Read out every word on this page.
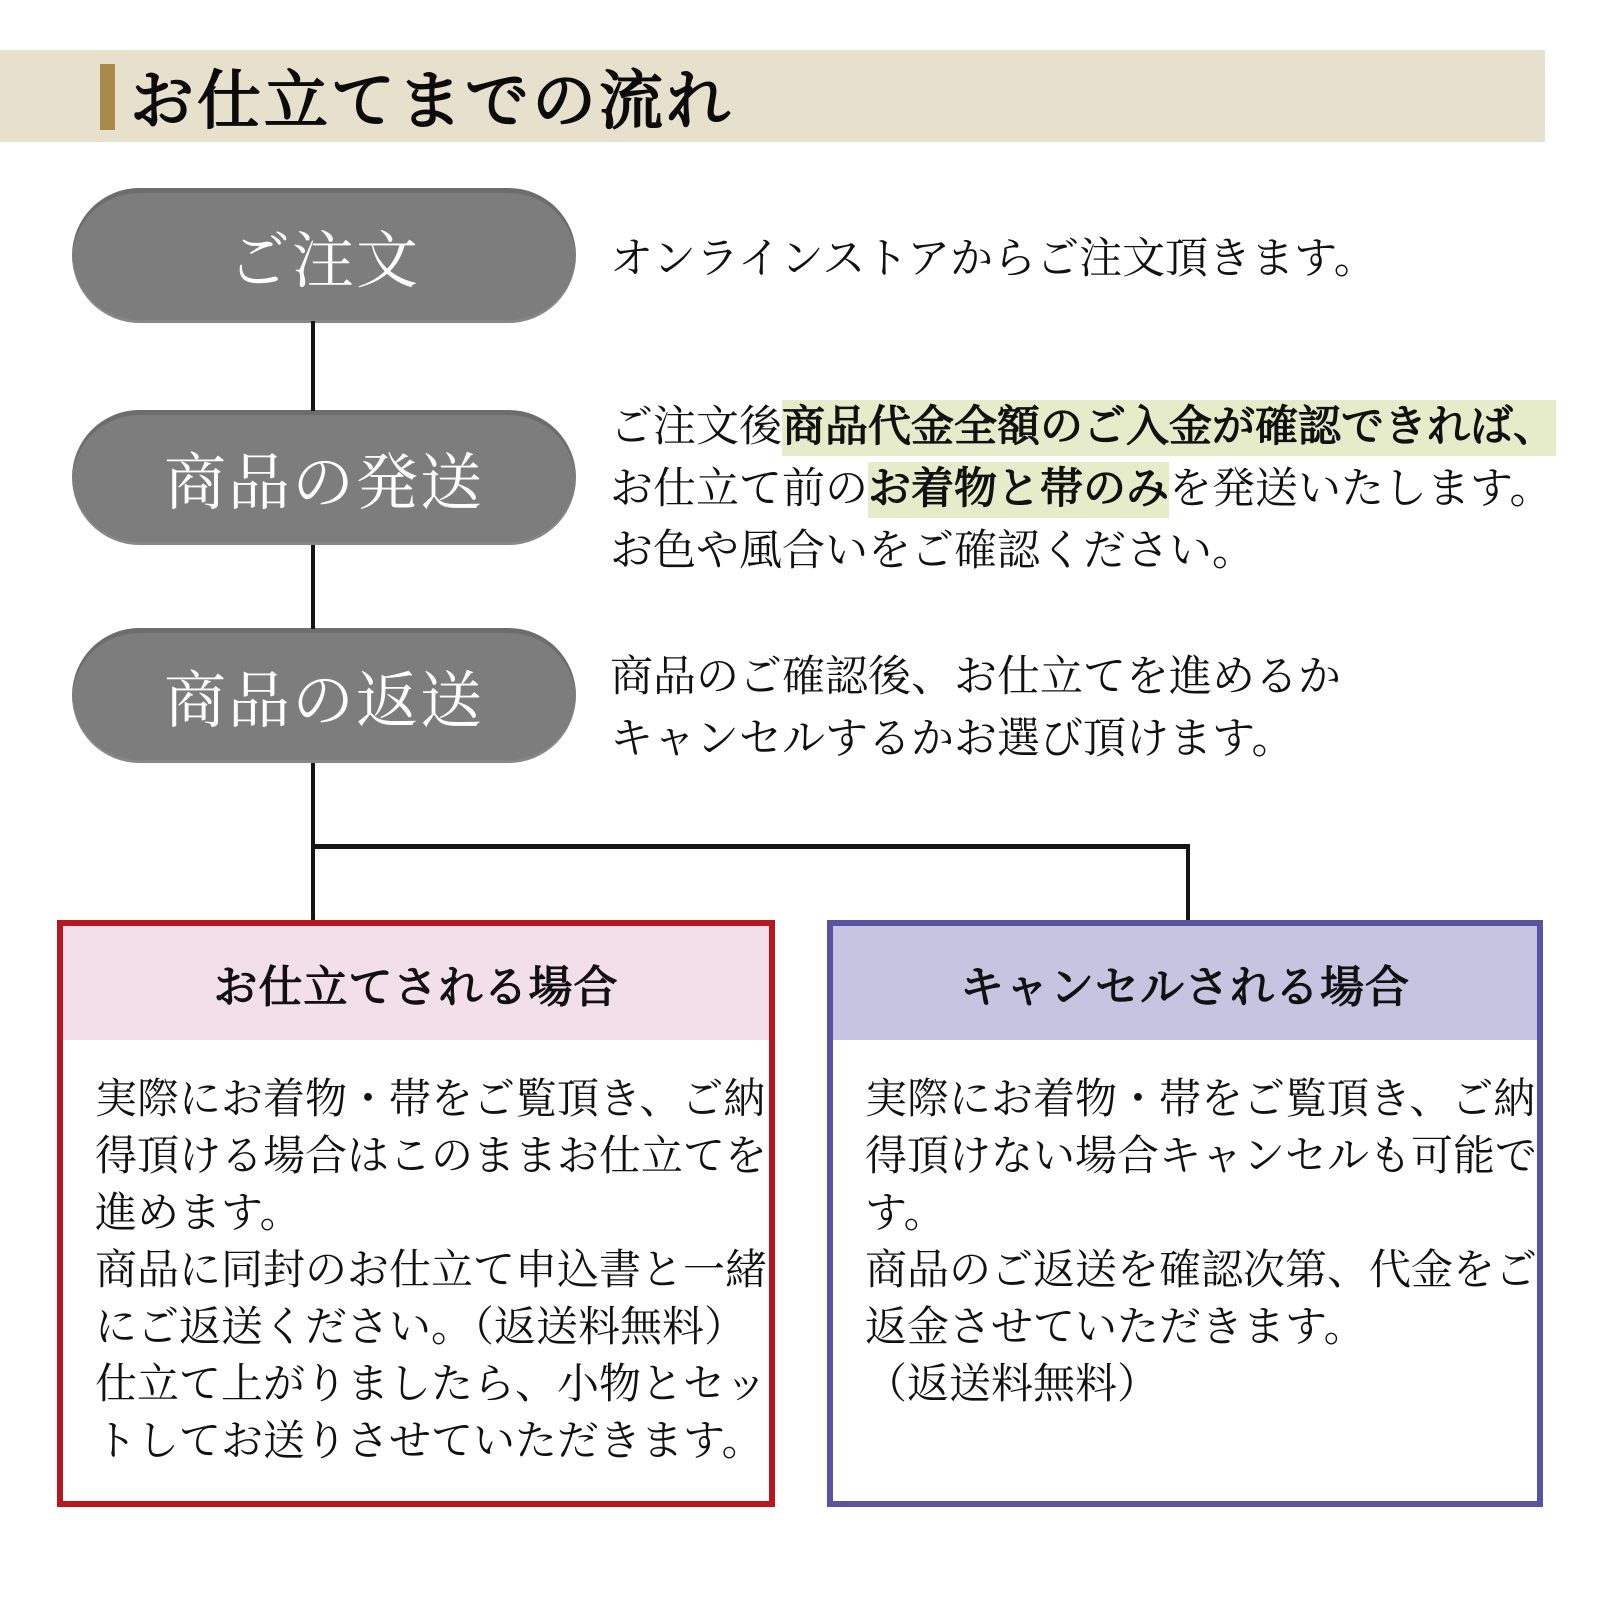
お仕立てまでの流れ
ご注文	オンラインストアからご注文頂きます。
商品の発送
ご注文後商品代金全額のご入金が確認できれば、
お仕立て前のお着物と帯のみを発送いたします。
お色や風合いをご確認ください。
商品の返送	商品のご確認後、お仕立てを進めるか
キャンセルするかお選び頂けます。
お仕立てされる場合
実際にお着物・帯をご覧頂き、ご納
得頂ける場合はこのままお仕立てを
進めます。
商品に同封のお仕立て申込書と一緒
にご返送ください。（返送料無料）
仕立て上がりましたら、小物とセッ
トしてお送りさせていただきます。
キャンセルされる場合
実際にお着物・帯をご覧頂き、ご納
得頂けない場合キャンセルも可能で
す。
商品のご返送を確認次第、代金をご
返金させていただきます。
（返送料無料）
